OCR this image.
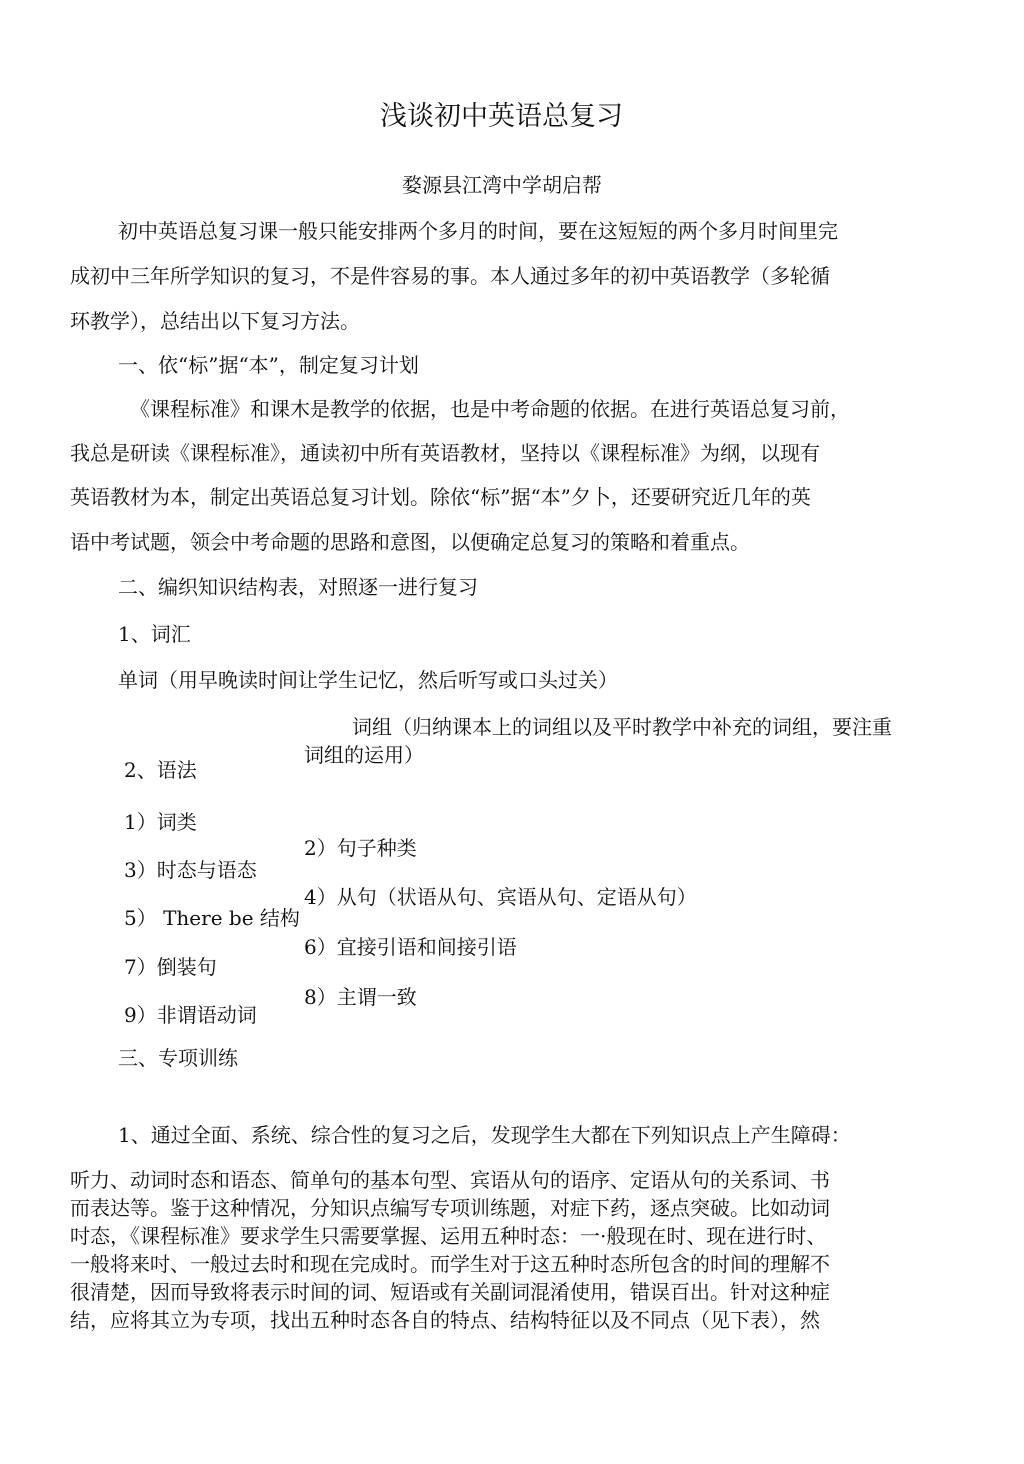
浅谈初中英语总复习
婺源县江湾中学胡启帮
初中英语总复习课一般只能安排两个多月的时间，要在这短短的两个多月时间里完
成初中三年所学知识的复习，不是件容易的事。本人通过多年的初中英语教学（多轮循
环教学），总结出以下复习方法。
一、依“标”据“本”，制定复习计划
《课程标准》和课木是教学的依据，也是中考命题的依据。在进行英语总复习前，
我总是研读《课程标准》，通读初中所有英语教材，坚持以《课程标准》为纲，以现有
英语教材为本，制定出英语总复习计划。除依“标”据“本”夕卜，还要研究近几年的英
语中考试题，领会中考命题的思路和意图，以便确定总复习的策略和着重点。
二、编织知识结构表，对照逐一进行复习
1、词汇
单词（用早晚读时间让学生记忆，然后听写或口头过关）
词组（归纳课本上的词组以及平时教学中补充的词组，要注重
词组的运用）
2、语法
1）词类
3）时态与语态
5） There be 结构
7）倒装句
9）非谓语动词
2）句子种类
4）从句（状语从句、宾语从句、定语从句）
6）宜接引语和间接引语
8）主谓一致
三、专项训练
1、通过全面、系统、综合性的复习之后，发现学生大都在下列知识点上产生障碍：
听力、动词时态和语态、简单句的基本句型、宾语从句的语序、定语从句的关系词、书
而表达等。鉴于这种情况，分知识点编写专项训练题，对症下药，逐点突破。比如动词
吋态，《课程标准》要求学生只需要掌握、运用五种时态：一·般现在时、现在进行时、
一般将来吋、一般过去时和现在完成时。而学生对于这五种时态所包含的时间的理解不
很清楚，因而导致将表示时间的词、短语或有关副词混淆使用，错误百出。针对这种症
结，应将其立为专项，找出五种时态各自的特点、结构特征以及不同点（见下表），然
